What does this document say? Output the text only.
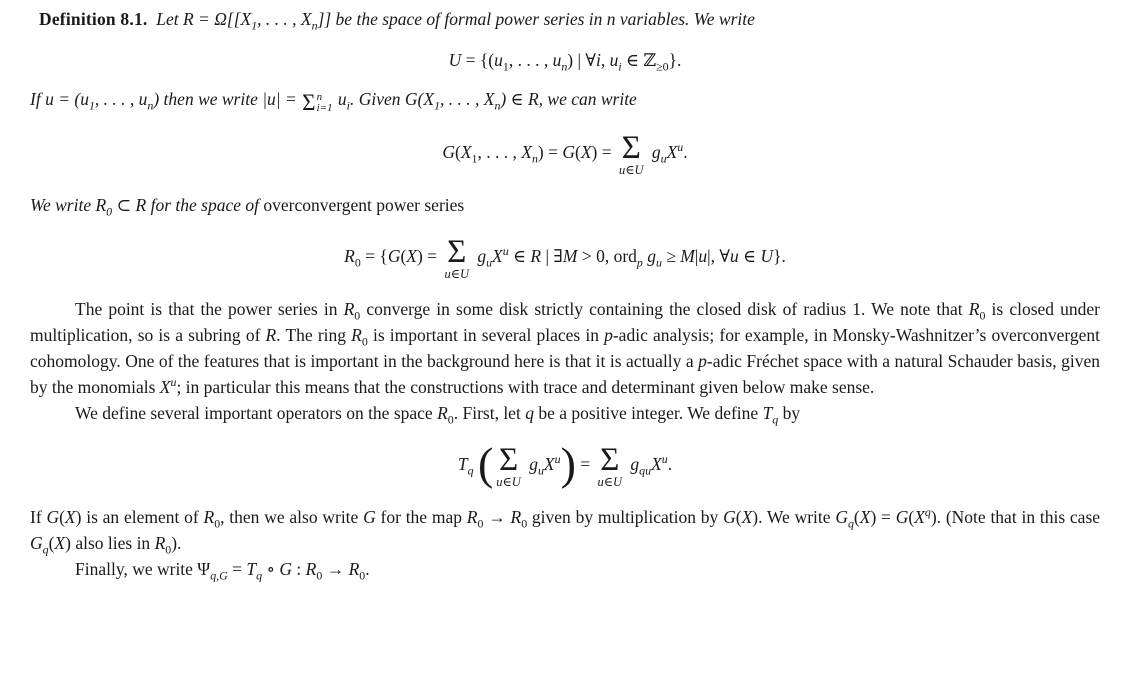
Definition 8.1. Let $R = \Omega[[X_1$, . . . , $X_n$]] be the space of formal power series in n variables. We write

$U = \{(u_1$, . . . , $u_n$) | ∀i, $u_i$ ∈ ℤ$_{\ge 0}$}.

If $u = (u_1$, . . . , $u_n$) then we write |u| = Σ n
i=1 $u_i$. Given $G(X_1$, . . . , $X_n$) ∈ R, we can write

$G(X_1$, . . . , $X_n) = G(X) = \Sigma$
u∈U
$g_uX^u$.

We write $R_0$ ⊂ R for the space of overconvergent power series

$R_0 = \{G(X) = \Sigma$
u∈U
$g_uX^u$ ∈ R | ∃M > 0, ord$_p$ $g_u \ge M|u|$, ∀u ∈ U}.

The point is that the power series in $R_0$ converge in some disk strictly containing the closed disk of radius 1. We note that $R_0$ is closed under multiplication, so is a subring of R. The ring $R_0$ is important in several places in p-adic analysis; for example, in Monsky-Washnitzer’s overconvergent cohomology. One of the features that is important in the background here is that it is actually a p-adic Fréchet space with a natural Schauder basis, given by the monomials $X^u$; in particular this means that the constructions with trace and determinant given below make sense.

We define several important operators on the space $R_0$. First, let q be a positive integer. We define $T_q$ by

$T_q$ ( Σ
u∈U
$g_uX^u) = \Sigma$
u∈U
$g_{qu}X^u$.

If G(X) is an element of $R_0$, then we also write G for the map $R_0 \to R_0$ given by multiplication by G(X). We write $G_q(X) = G(X^q)$. (Note that in this case $G_q(X)$ also lies in $R_0$).

Finally, we write $\Psi_{q,G} = T_q$ ∘ G : $R_0 \to R_0$.
